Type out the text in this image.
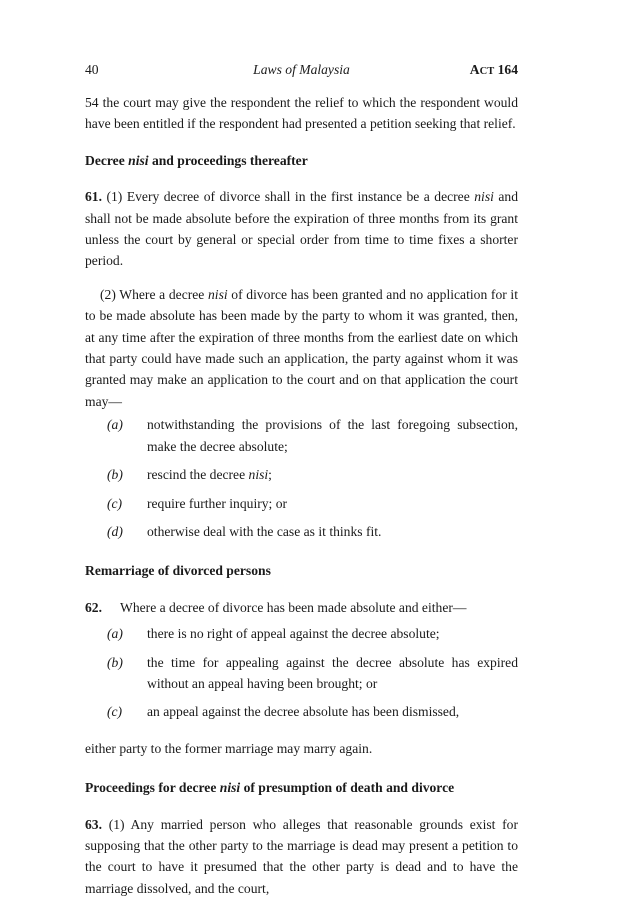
40	Laws of Malaysia	ACT 164

54 the court may give the respondent the relief to which the respondent would have been entitled if the respondent had presented a petition seeking that relief.

Decree nisi and proceedings thereafter

61. (1) Every decree of divorce shall in the first instance be a decree nisi and shall not be made absolute before the expiration of three months from its grant unless the court by general or special order from time to time fixes a shorter period.

(2) Where a decree nisi of divorce has been granted and no application for it to be made absolute has been made by the party to whom it was granted, then, at any time after the expiration of three months from the earliest date on which that party could have made such an application, the party against whom it was granted may make an application to the court and on that application the court may—

(a) notwithstanding the provisions of the last foregoing subsection, make the decree absolute;
(b) rescind the decree nisi;
(c) require further inquiry; or
(d) otherwise deal with the case as it thinks fit.
Remarriage of divorced persons

62. Where a decree of divorce has been made absolute and either—

(a) there is no right of appeal against the decree absolute;
(b) the time for appealing against the decree absolute has expired without an appeal having been brought; or
(c) an appeal against the decree absolute has been dismissed,

either party to the former marriage may marry again.

Proceedings for decree nisi of presumption of death and divorce

63. (1) Any married person who alleges that reasonable grounds exist for supposing that the other party to the marriage is dead may present a petition to the court to have it presumed that the other party is dead and to have the marriage dissolved, and the court,
